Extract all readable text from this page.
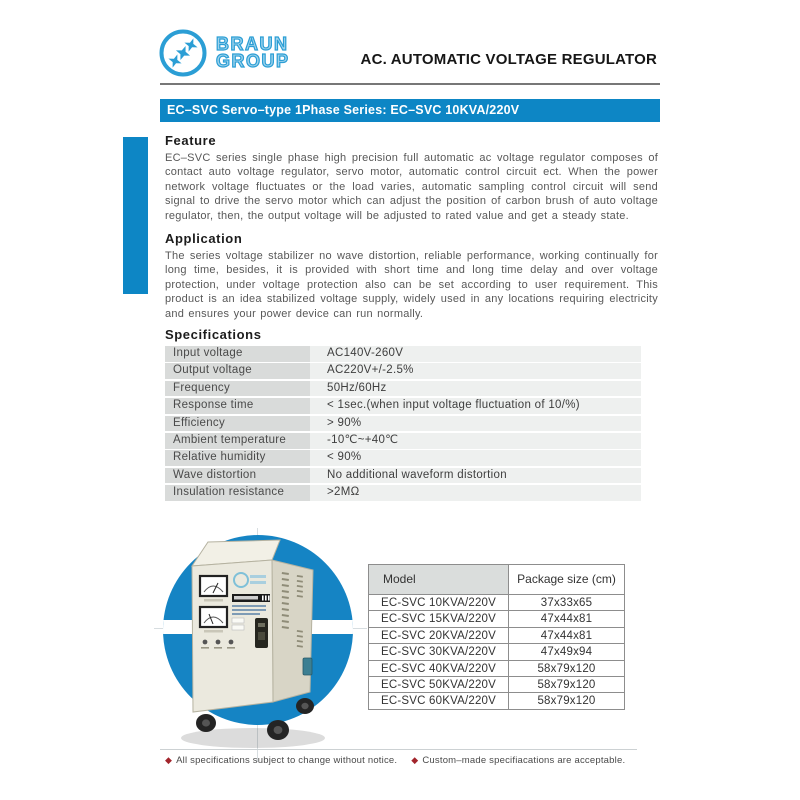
BRAUN
GROUP	AC. AUTOMATIC VOLTAGE REGULATOR
EC–SVC Servo–type 1Phase Series: EC–SVC 10KVA/220V
Feature
EC–SVC series single phase high precision full automatic ac voltage regulator composes of contact auto voltage regulator, servo motor, automatic control circuit ect. When the power network voltage fluctuates or the load varies, automatic sampling control circuit will send signal to drive the servo motor which can adjust the position of carbon brush of auto voltage regulator, then, the output voltage will be adjusted to rated value and get a steady state.
Application
The series voltage stabilizer no wave distortion, reliable performance, working continually for long time, besides, it is provided with short time and long time delay and over voltage protection, under voltage protection also can be set according to user requirement. This product is an idea stabilized voltage supply, widely used in any locations requiring electricity and ensures your power device can run normally.
Specifications
Input voltage	AC140V-260V
Output voltage	AC220V+/-2.5%
Frequency	50Hz/60Hz
Response time	< 1sec.(when input voltage fluctuation of 10/%)
Efficiency	> 90%
Ambient temperature	-10℃~+40℃
Relative humidity	< 90%
Wave distortion	No additional waveform distortion
Insulation resistance	>2MΩ
Model	Package size (cm)
EC-SVC 10KVA/220V	37x33x65
EC-SVC 15KVA/220V	47x44x81
EC-SVC 20KVA/220V	47x44x81
EC-SVC 30KVA/220V	47x49x94
EC-SVC 40KVA/220V	58x79x120
EC-SVC 50KVA/220V	58x79x120
EC-SVC 60KVA/220V	58x79x120
◆ All specifications subject to change without notice. ◆ Custom–made specifiacations are acceptable.
